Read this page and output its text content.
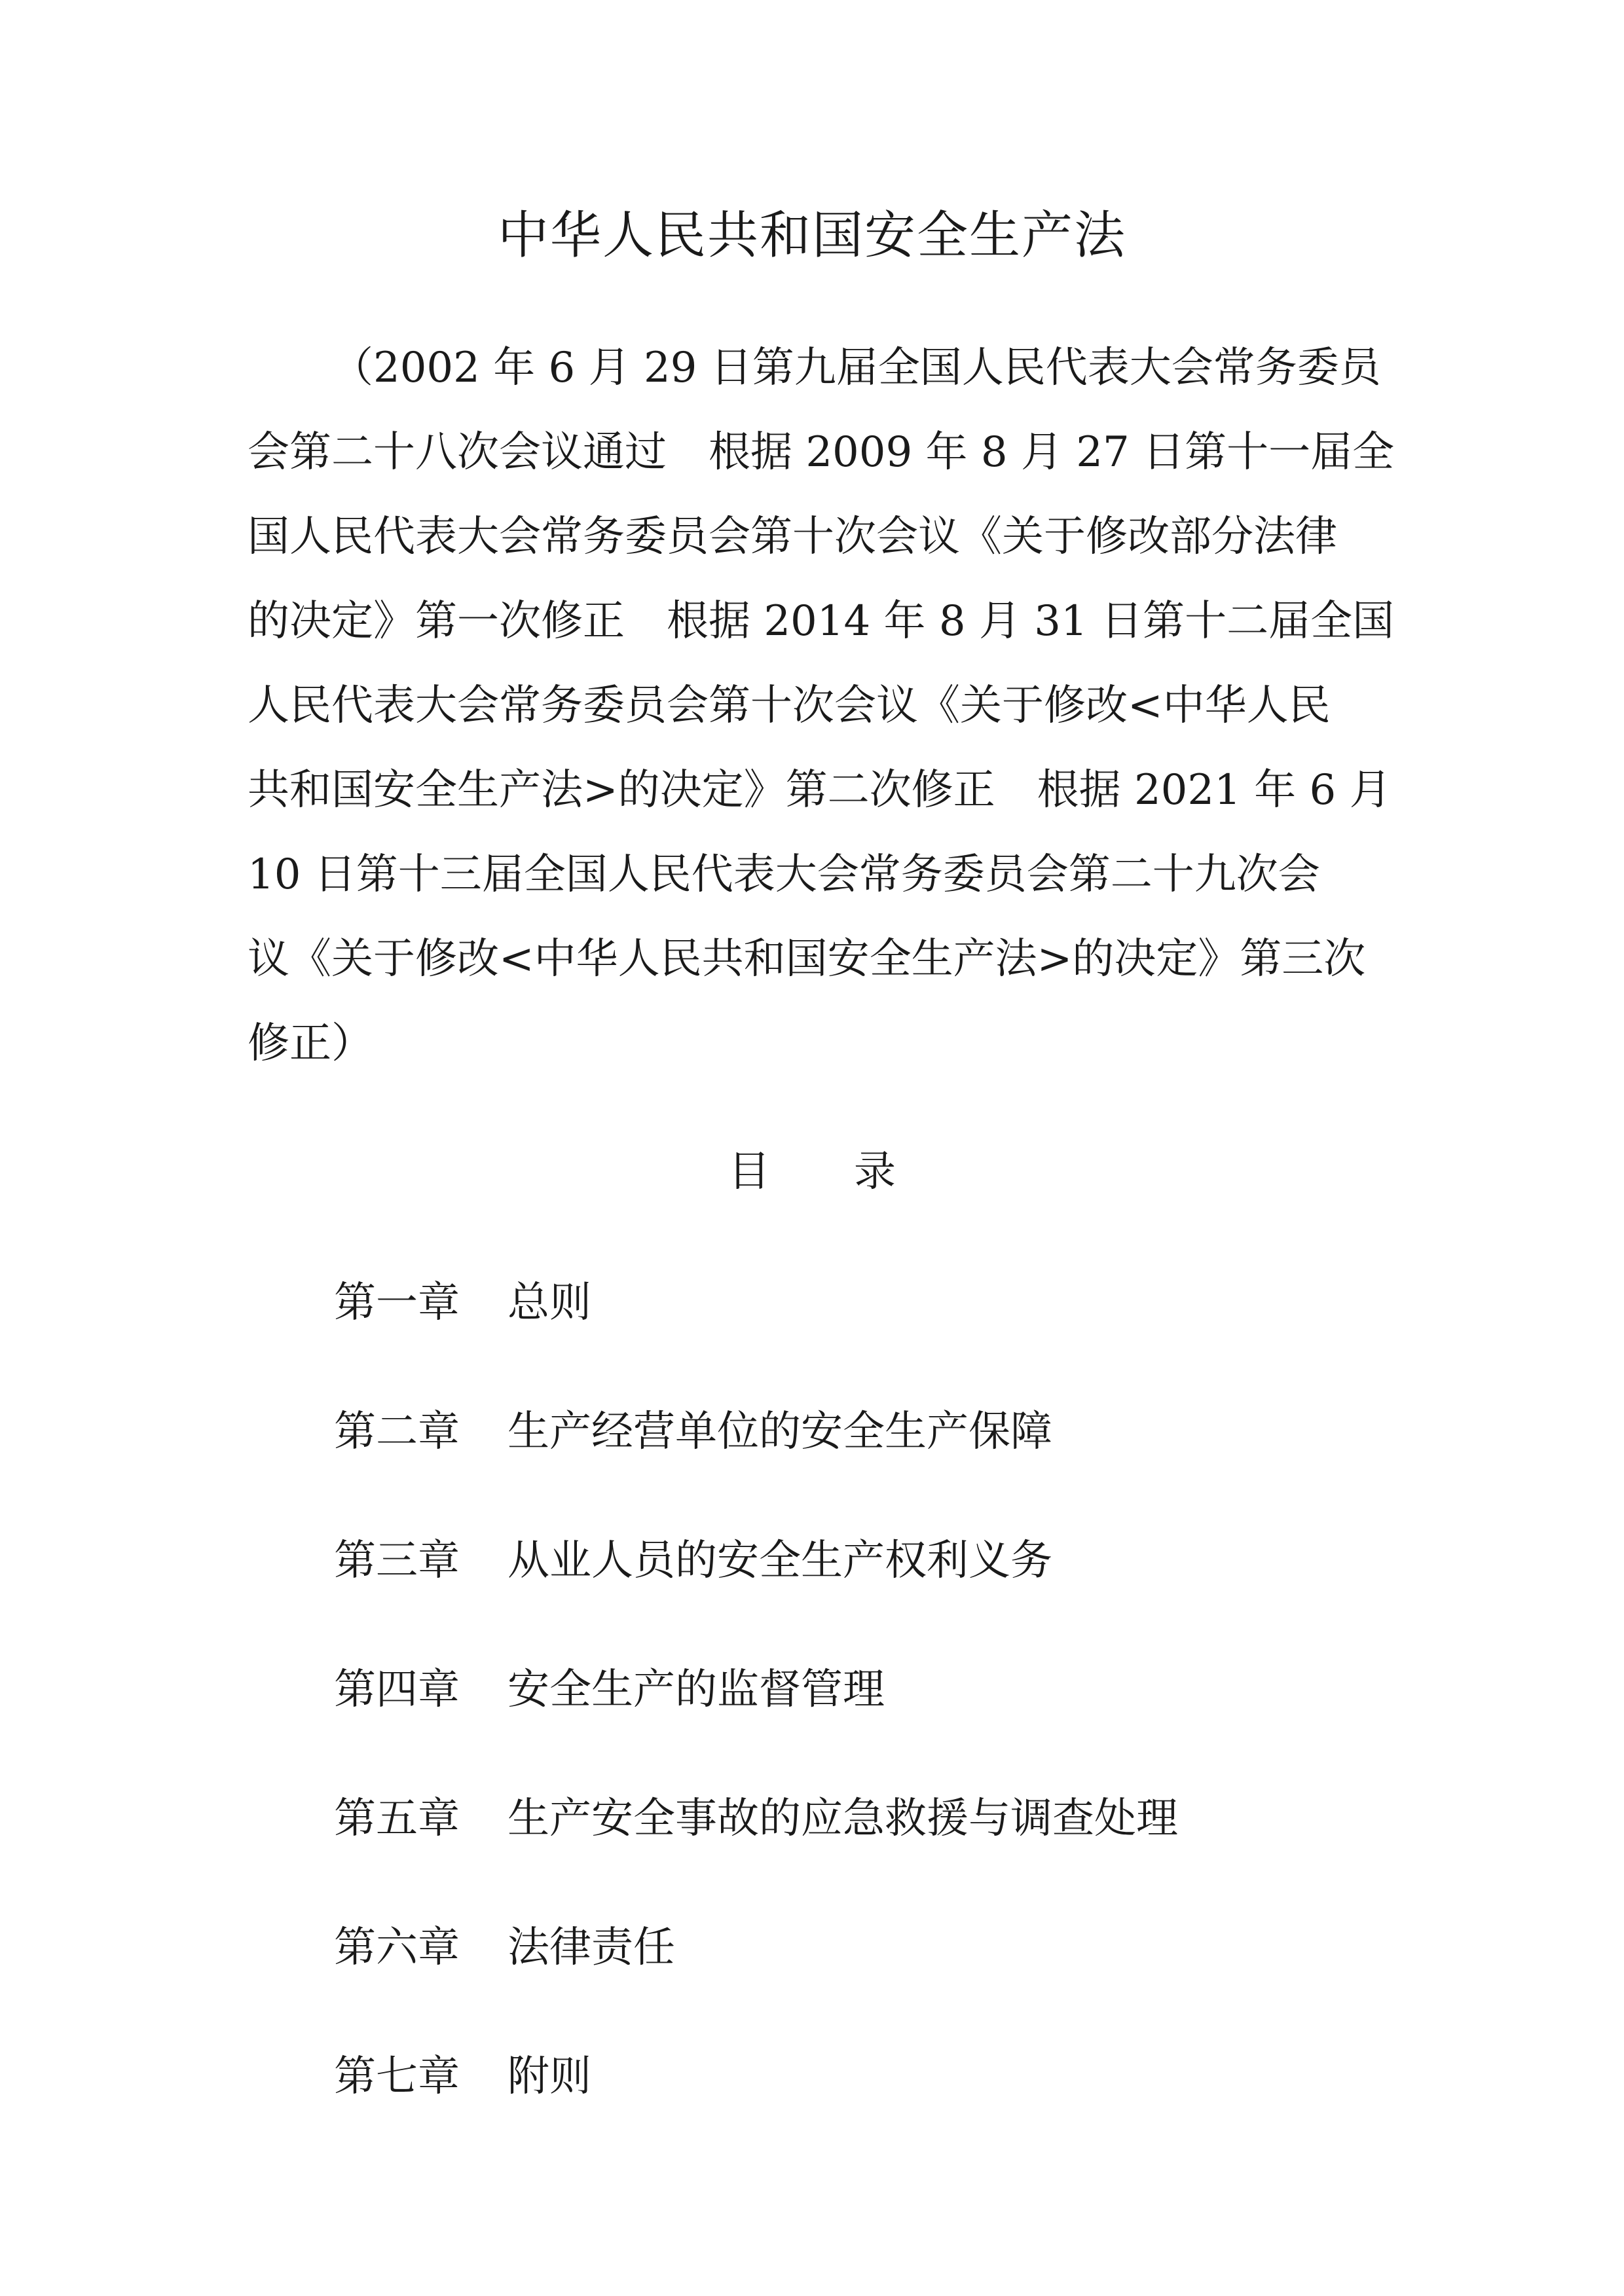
中华人民共和国安全生产法
（2002 年 6 月 29 日第九届全国人民代表大会常务委员
会第二十八次会议通过　根据 2009 年 8 月 27 日第十一届全
国人民代表大会常务委员会第十次会议《关于修改部分法律
的决定》第一次修正　根据 2014 年 8 月 31 日第十二届全国
人民代表大会常务委员会第十次会议《关于修改<中华人民
共和国安全生产法>的决定》第二次修正　根据 2021 年 6 月
10 日第十三届全国人民代表大会常务委员会第二十九次会
议《关于修改<中华人民共和国安全生产法>的决定》第三次
修正）
目 录
第一章 总则
第二章 生产经营单位的安全生产保障
第三章 从业人员的安全生产权利义务
第四章 安全生产的监督管理
第五章 生产安全事故的应急救援与调查处理
第六章 法律责任
第七章 附则
